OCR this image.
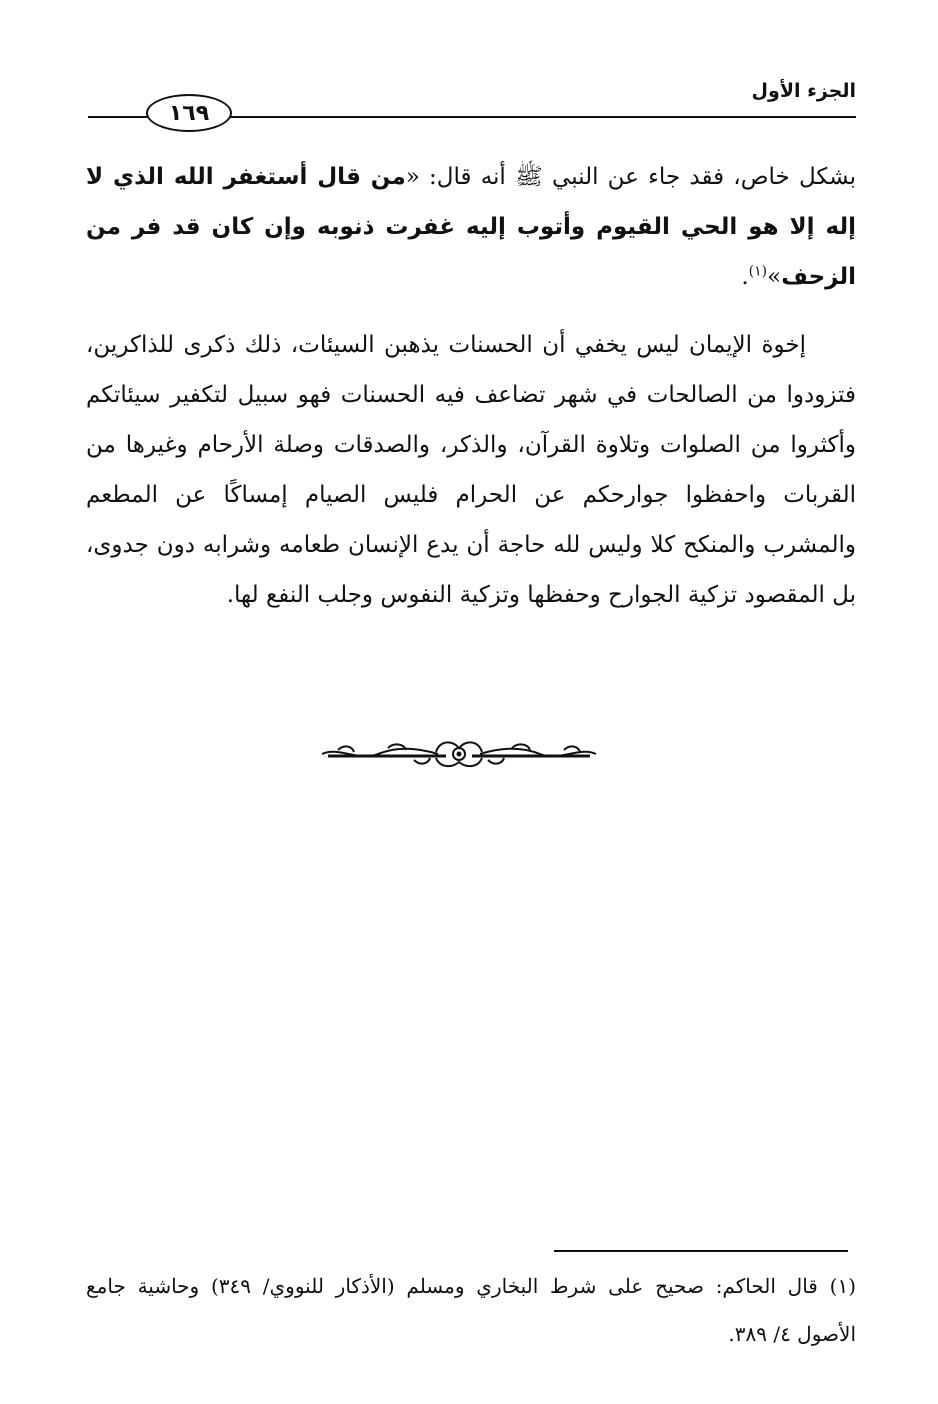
الجزء الأول
١٦٩

بشكل خاص، فقد جاء عن النبي ﷺ أنه قال: «من قال أستغفر الله الذي لا إله إلا هو الحي القيوم وأتوب إليه غفرت ذنوبه وإن كان قد فر من الزحف»$^{(١)}$.

إخوة الإيمان ليس يخفي أن الحسنات يذهبن السيئات، ذلك ذكرى للذاكرين، فتزودوا من الصالحات في شهر تضاعف فيه الحسنات فهو سبيل لتكفير سيئاتكم وأكثروا من الصلوات وتلاوة القرآن، والذكر، والصدقات وصلة الأرحام وغيرها من القربات واحفظوا جوارحكم عن الحرام فليس الصيام إمساكًا عن المطعم والمشرب والمنكح كلا وليس لله حاجة أن يدع الإنسان طعامه وشرابه دون جدوى، بل المقصود تزكية الجوارح وحفظها وتزكية النفوس وجلب النفع لها.

(١) قال الحاكم: صحيح على شرط البخاري ومسلم (الأذكار للنووي/ ٣٤٩) وحاشية جامع الأصول ٤/ ٣٨٩.
